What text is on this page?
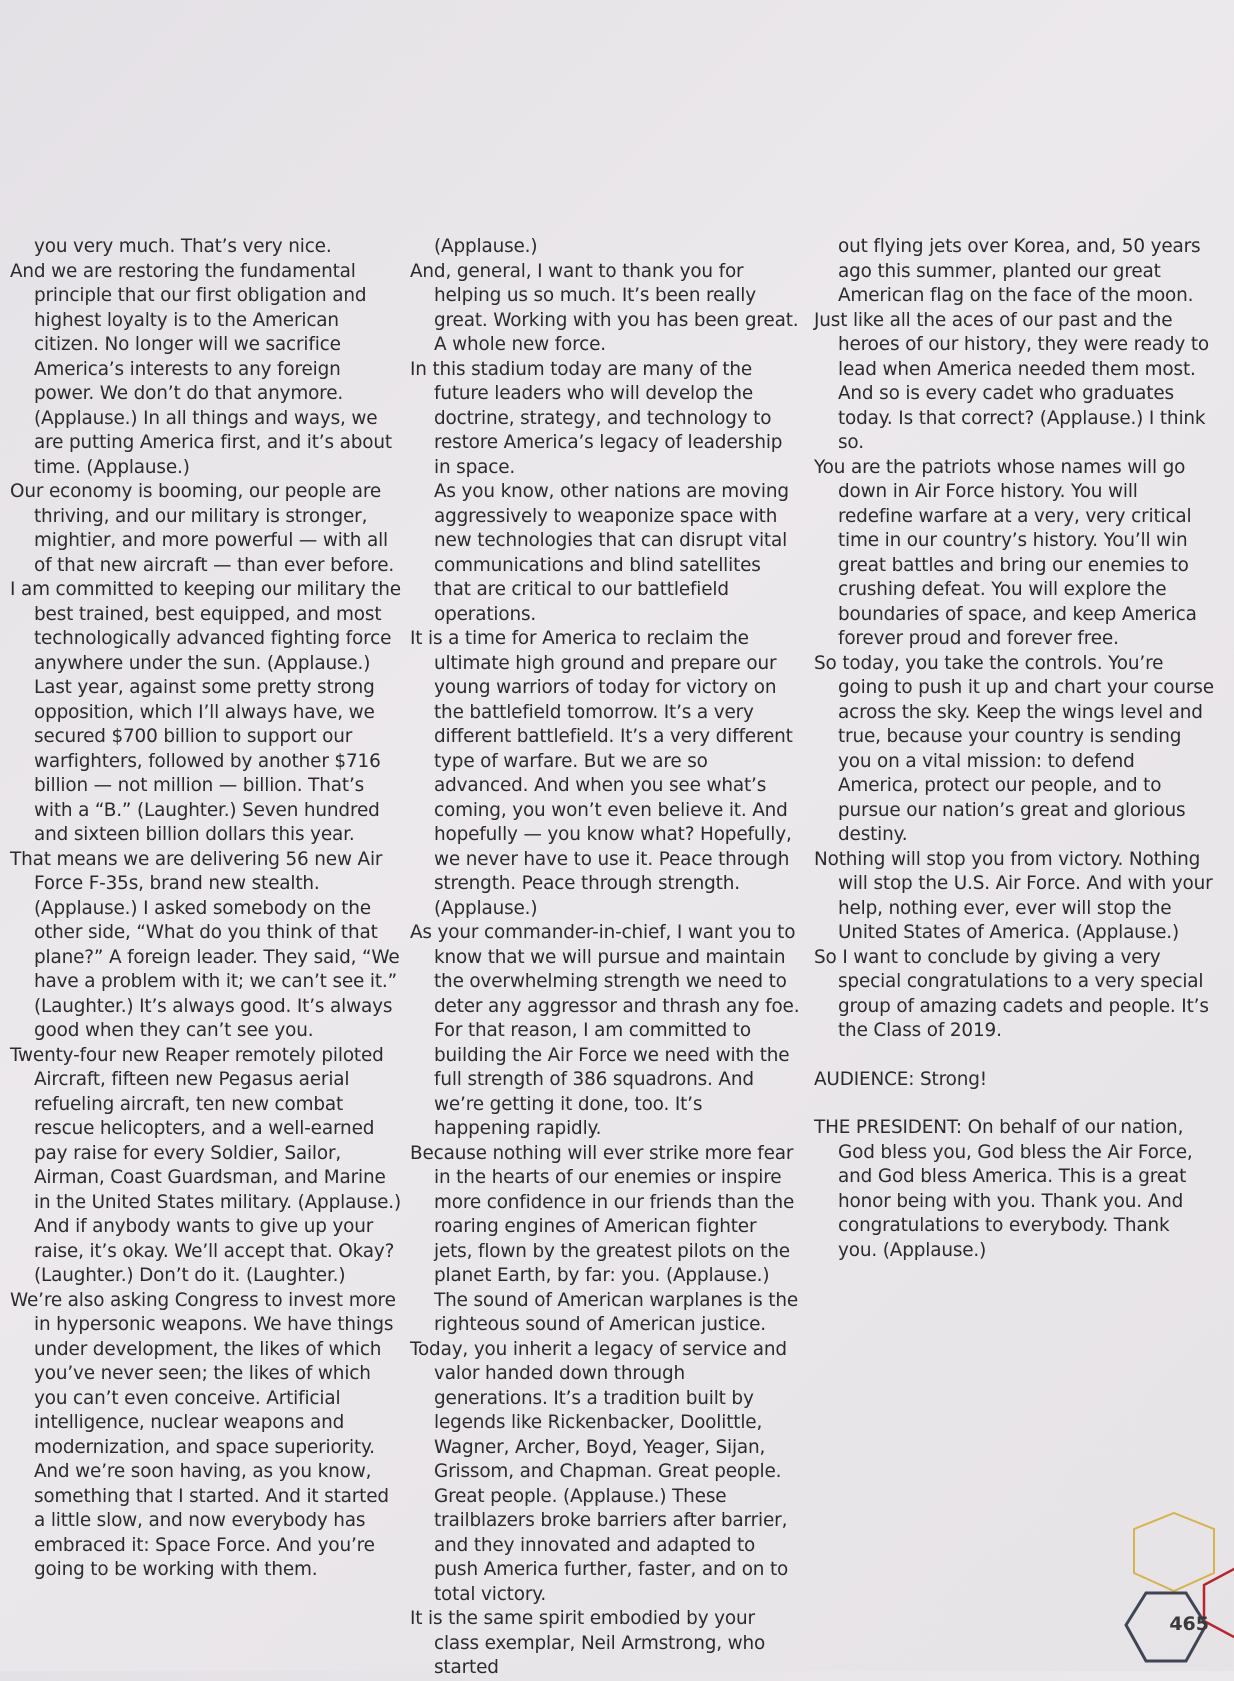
you very much. That’s very nice.

And we are restoring the fundamental principle that our first obligation and highest loyalty is to the American citizen. No longer will we sacrifice America’s interests to any foreign power. We don’t do that anymore. (Applause.) In all things and ways, we are putting America first, and it’s about time. (Applause.)

Our economy is booming, our people are thriving, and our military is stronger, mightier, and more powerful — with all of that new aircraft — than ever before.

I am committed to keeping our military the best trained, best equipped, and most technologically advanced fighting force anywhere under the sun. (Applause.)

Last year, against some pretty strong opposition, which I’ll always have, we secured $700 billion to support our warfighters, followed by another $716 billion — not million — billion. That’s with a “B.” (Laughter.) Seven hundred and sixteen billion dollars this year.

That means we are delivering 56 new Air Force F-35s, brand new stealth. (Applause.) I asked somebody on the other side, “What do you think of that plane?” A foreign leader. They said, “We have a problem with it; we can’t see it.” (Laughter.) It’s always good. It’s always good when they can’t see you.

Twenty-four new Reaper remotely piloted Aircraft, fifteen new Pegasus aerial refueling aircraft, ten new combat rescue helicopters, and a well-earned pay raise for every Soldier, Sailor, Airman, Coast Guardsman, and Marine in the United States military. (Applause.)

And if anybody wants to give up your raise, it’s okay. We’ll accept that. Okay? (Laughter.) Don’t do it. (Laughter.)

We’re also asking Congress to invest more in hypersonic weapons. We have things under development, the likes of which you’ve never seen; the likes of which you can’t even conceive. Artificial intelligence, nuclear weapons and modernization, and space superiority. And we’re soon having, as you know, something that I started. And it started a little slow, and now everybody has embraced it: Space Force. And you’re going to be working with them.

(Applause.)

And, general, I want to thank you for helping us so much. It’s been really great. Working with you has been great. A whole new force.

In this stadium today are many of the future leaders who will develop the doctrine, strategy, and technology to restore America’s legacy of leadership in space.

As you know, other nations are moving aggressively to weaponize space with new technologies that can disrupt vital communications and blind satellites that are critical to our battlefield operations.

It is a time for America to reclaim the ultimate high ground and prepare our young warriors of today for victory on the battlefield tomorrow. It’s a very different battlefield. It’s a very different type of warfare. But we are so advanced. And when you see what’s coming, you won’t even believe it. And hopefully — you know what? Hopefully, we never have to use it. Peace through strength. Peace through strength. (Applause.)

As your commander-in-chief, I want you to know that we will pursue and maintain the overwhelming strength we need to deter any aggressor and thrash any foe. For that reason, I am committed to building the Air Force we need with the full strength of 386 squadrons. And we’re getting it done, too. It’s happening rapidly.

Because nothing will ever strike more fear in the hearts of our enemies or inspire more confidence in our friends than the roaring engines of American fighter jets, flown by the greatest pilots on the planet Earth, by far: you. (Applause.) The sound of American warplanes is the righteous sound of American justice.

Today, you inherit a legacy of service and valor handed down through generations. It’s a tradition built by legends like Rickenbacker, Doolittle, Wagner, Archer, Boyd, Yeager, Sijan, Grissom, and Chapman. Great people. Great people. (Applause.) These trailblazers broke barriers after barrier, and they innovated and adapted to push America further, faster, and on to total victory.

It is the same spirit embodied by your class exemplar, Neil Armstrong, who started

out flying jets over Korea, and, 50 years ago this summer, planted our great American flag on the face of the moon.

Just like all the aces of our past and the heroes of our history, they were ready to lead when America needed them most. And so is every cadet who graduates today. Is that correct? (Applause.) I think so.

You are the patriots whose names will go down in Air Force history. You will redefine warfare at a very, very critical time in our country’s history. You’ll win great battles and bring our enemies to crushing defeat. You will explore the boundaries of space, and keep America forever proud and forever free.

So today, you take the controls. You’re going to push it up and chart your course across the sky. Keep the wings level and true, because your country is sending you on a vital mission: to defend America, protect our people, and to pursue our nation’s great and glorious destiny.

Nothing will stop you from victory. Nothing will stop the U.S. Air Force. And with your help, nothing ever, ever will stop the United States of America. (Applause.)

So I want to conclude by giving a very special congratulations to a very special group of amazing cadets and people. It’s the Class of 2019.

AUDIENCE: Strong!

THE PRESIDENT: On behalf of our nation, God bless you, God bless the Air Force, and God bless America. This is a great honor being with you. Thank you. And congratulations to everybody. Thank you. (Applause.)

465
